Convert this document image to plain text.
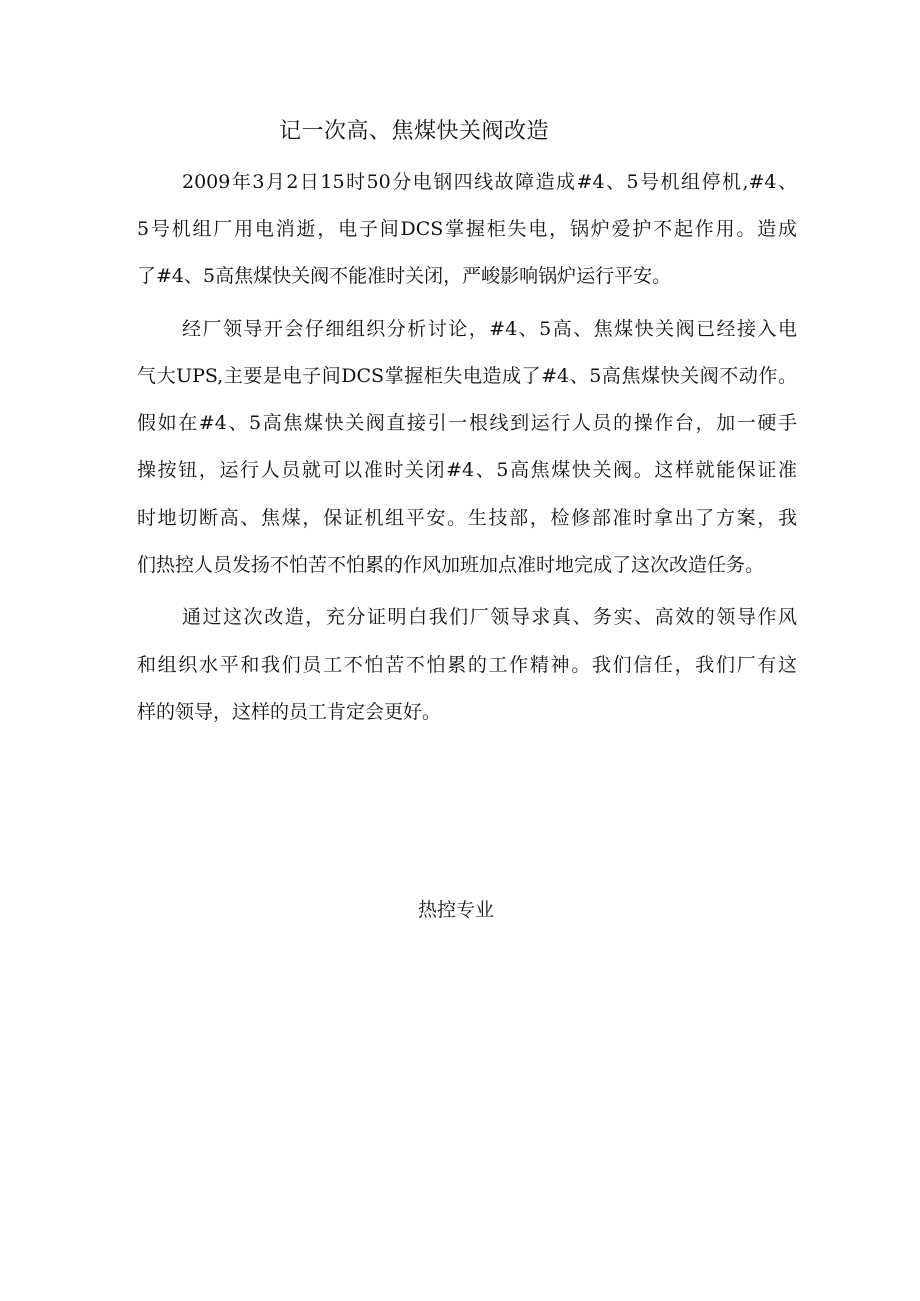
记一次高、焦煤快关阀改造
2009年3月2日15时50分电钢四线故障造成#4、5号机组停机,#4、
5号机组厂用电消逝，电子间DCS掌握柜失电，锅炉爱护不起作用。造成
了#4、5高焦煤快关阀不能准时关闭，严峻影响锅炉运行平安。
经厂领导开会仔细组织分析讨论，#4、5高、焦煤快关阀已经接入电
气大UPS,主要是电子间DCS掌握柜失电造成了#4、5高焦煤快关阀不动作。
假如在#4、5高焦煤快关阀直接引一根线到运行人员的操作台，加一硬手
操按钮，运行人员就可以准时关闭#4、5高焦煤快关阀。这样就能保证准
时地切断高、焦煤，保证机组平安。生技部，检修部准时拿出了方案，我
们热控人员发扬不怕苦不怕累的作风加班加点准时地完成了这次改造任务。
通过这次改造，充分证明白我们厂领导求真、务实、高效的领导作风
和组织水平和我们员工不怕苦不怕累的工作精神。我们信任，我们厂有这
样的领导，这样的员工肯定会更好。
热控专业
